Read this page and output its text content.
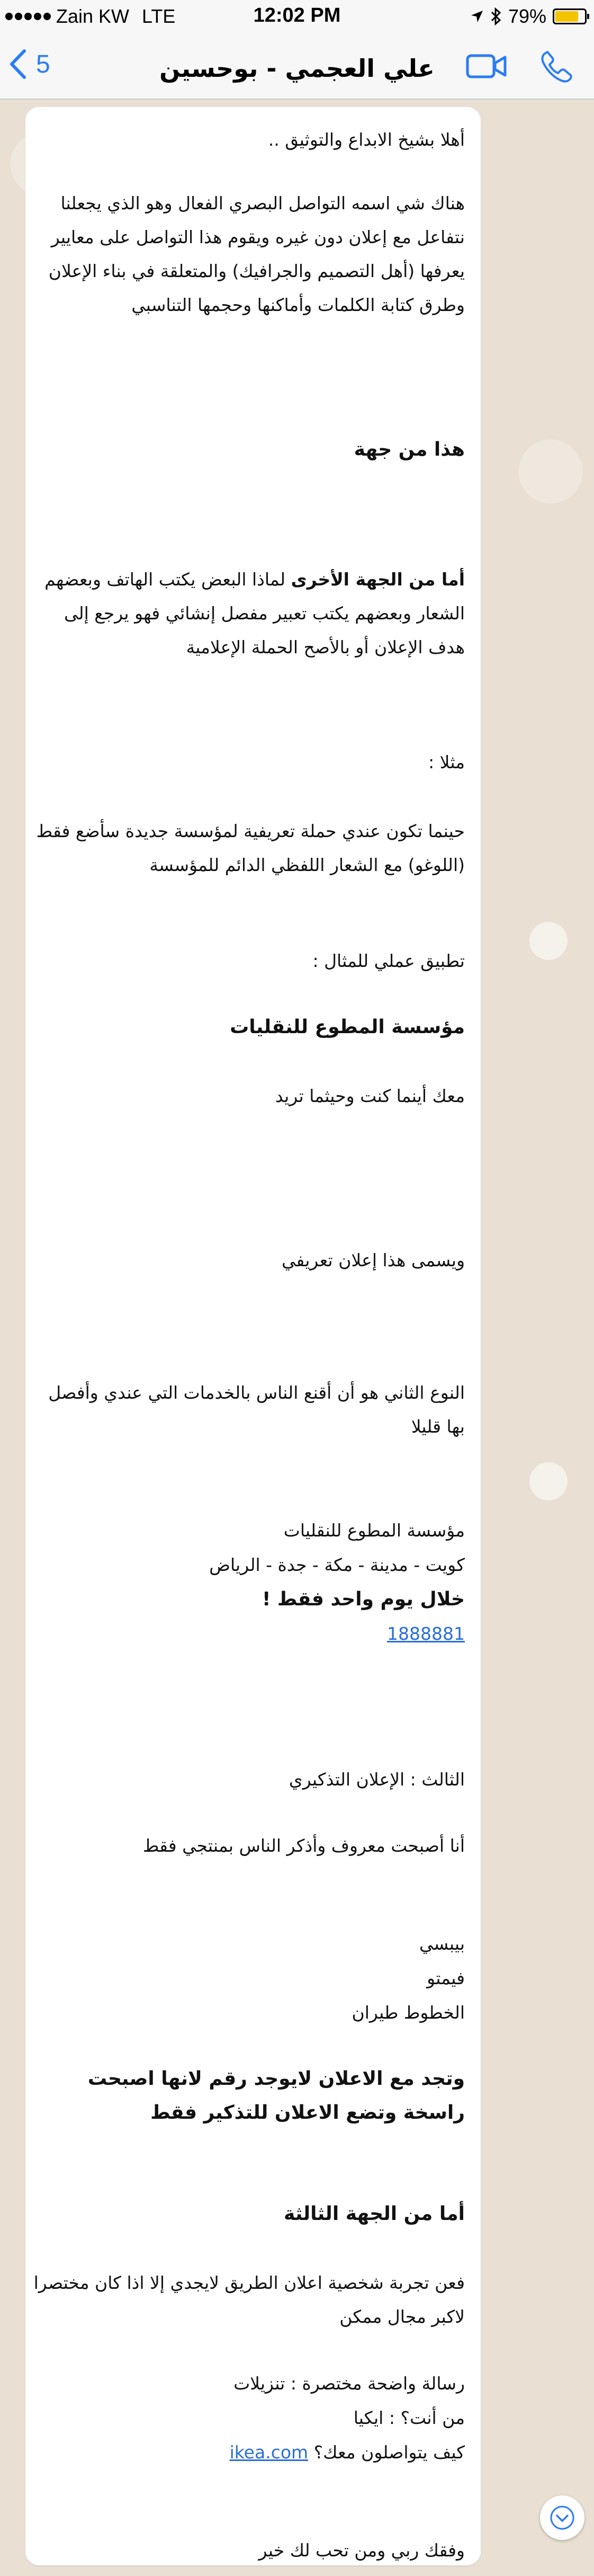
Zain KW LTE	12:02 PM	79%
5	علي العجمي - بوحسين
أهلا بشيخ الابداع والتوثيق ..
هناك شي اسمه التواصل البصري الفعال وهو الذي يجعلنا نتفاعل مع إعلان دون غيره ويقوم هذا التواصل على معايير يعرفها (أهل التصميم والجرافيك) والمتعلقة في بناء الإعلان وطرق كتابة الكلمات وأماكنها وحجمها التناسبي
هذا من جهة
أما من الجهة الأخرى لماذا البعض يكتب الهاتف وبعضهم الشعار وبعضهم يكتب تعبير مفصل إنشائي فهو يرجع إلى هدف الإعلان أو بالأصح الحملة الإعلامية
مثلا :
حينما تكون عندي حملة تعريفية لمؤسسة جديدة سأضع فقط (اللوغو) مع الشعار اللفظي الدائم للمؤسسة
تطبيق عملي للمثال :
مؤسسة المطوع للنقليات
معك أينما كنت وحيثما تريد
ويسمى هذا إعلان تعريفي
النوع الثاني هو أن أقنع الناس بالخدمات التي عندي وأفصل بها قليلا
مؤسسة المطوع للنقليات
كويت - مدينة - مكة - جدة - الرياض
خلال يوم واحد فقط !
1888881
الثالث : الإعلان التذكيري
أنا أصبحت معروف وأذكر الناس بمنتجي فقط
بيبسي
فيمتو
الخطوط طيران
وتجد مع الاعلان لايوجد رقم لانها اصبحت راسخة وتضع الاعلان للتذكير فقط
أما من الجهة الثالثة
فعن تجربة شخصية اعلان الطريق لايجدي إلا اذا كان مختصرا لاكبر مجال ممكن
رسالة واضحة مختصرة : تنزيلات
من أنت؟ : ايكيا
كيف يتواصلون معك؟ ikea.com
وفقك ربي ومن تحب لك خير
